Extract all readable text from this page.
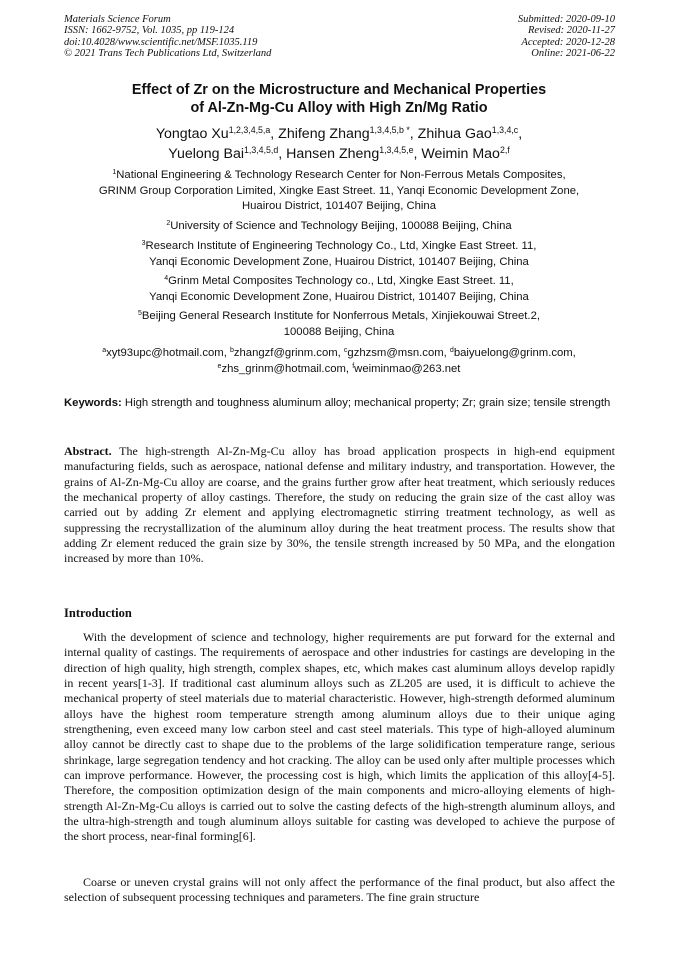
Materials Science Forum
ISSN: 1662-9752, Vol. 1035, pp 119-124
doi:10.4028/www.scientific.net/MSF.1035.119
© 2021 Trans Tech Publications Ltd, Switzerland
Submitted: 2020-09-10
Revised: 2020-11-27
Accepted: 2020-12-28
Online: 2021-06-22
Effect of Zr on the Microstructure and Mechanical Properties
of Al-Zn-Mg-Cu Alloy with High Zn/Mg Ratio
Yongtao Xu$^{1,2,3,4,5,a}$, Zhifeng Zhang$^{1,3,4,5,b *}$, Zhihua Gao$^{1,3,4,c}$,
Yuelong Bai$^{1,3,4,5,d}$, Hansen Zheng$^{1,3,4,5,e}$, Weimin Mao$^{2,f}$
$^1$National Engineering & Technology Research Center for Non-Ferrous Metals Composites,
GRINM Group Corporation Limited, Xingke East Street. 11, Yanqi Economic Development Zone,
Huairou District, 101407 Beijing, China
$^2$University of Science and Technology Beijing, 100088 Beijing, China
$^3$Research Institute of Engineering Technology Co., Ltd, Xingke East Street. 11,
Yanqi Economic Development Zone, Huairou District, 101407 Beijing, China
$^4$Grinm Metal Composites Technology co., Ltd, Xingke East Street. 11,
Yanqi Economic Development Zone, Huairou District, 101407 Beijing, China
$^5$Beijing General Research Institute for Nonferrous Metals, Xinjiekouwai Street.2,
100088 Beijing, China
$^a$xyt93upc@hotmail.com, $^b$zhangzf@grinm.com, $^c$gzhzsm@msn.com, $^d$baiyuelong@grinm.com,
$^e$zhs_grinm@hotmail.com, $^f$weiminmao@263.net
Keywords: High strength and toughness aluminum alloy; mechanical property; Zr; grain size; tensile strength

Abstract. The high-strength Al-Zn-Mg-Cu alloy has broad application prospects in high-end equipment manufacturing fields, such as aerospace, national defense and military industry, and transportation. However, the grains of Al-Zn-Mg-Cu alloy are coarse, and the grains further grow after heat treatment, which seriously reduces the mechanical property of alloy castings. Therefore, the study on reducing the grain size of the cast alloy was carried out by adding Zr element and applying electromagnetic stirring treatment technology, as well as suppressing the recrystallization of the aluminum alloy during the heat treatment process. The results show that adding Zr element reduced the grain size by 30%, the tensile strength increased by 50 MPa, and the elongation increased by more than 10%.

Introduction

With the development of science and technology, higher requirements are put forward for the external and internal quality of castings. The requirements of aerospace and other industries for castings are developing in the direction of high quality, high strength, complex shapes, etc, which makes cast aluminum alloys develop rapidly in recent years[1-3]. If traditional cast aluminum alloys such as ZL205 are used, it is difficult to achieve the mechanical property of steel materials due to material characteristic. However, high-strength deformed aluminum alloys have the highest room temperature strength among aluminum alloys due to their unique aging strengthening, even exceed many low carbon steel and cast steel materials. This type of high-alloyed aluminum alloy cannot be directly cast to shape due to the problems of the large solidification temperature range, serious shrinkage, large segregation tendency and hot cracking. The alloy can be used only after multiple processes which can improve performance. However, the processing cost is high, which limits the application of this alloy[4-5]. Therefore, the composition optimization design of the main components and micro-alloying elements of high-strength Al-Zn-Mg-Cu alloys is carried out to solve the casting defects of the high-strength aluminum alloys, and the ultra-high-strength and tough aluminum alloys suitable for casting was developed to achieve the purpose of the short process, near-final forming[6].

Coarse or uneven crystal grains will not only affect the performance of the final product, but also affect the selection of subsequent processing techniques and parameters. The fine grain structure
